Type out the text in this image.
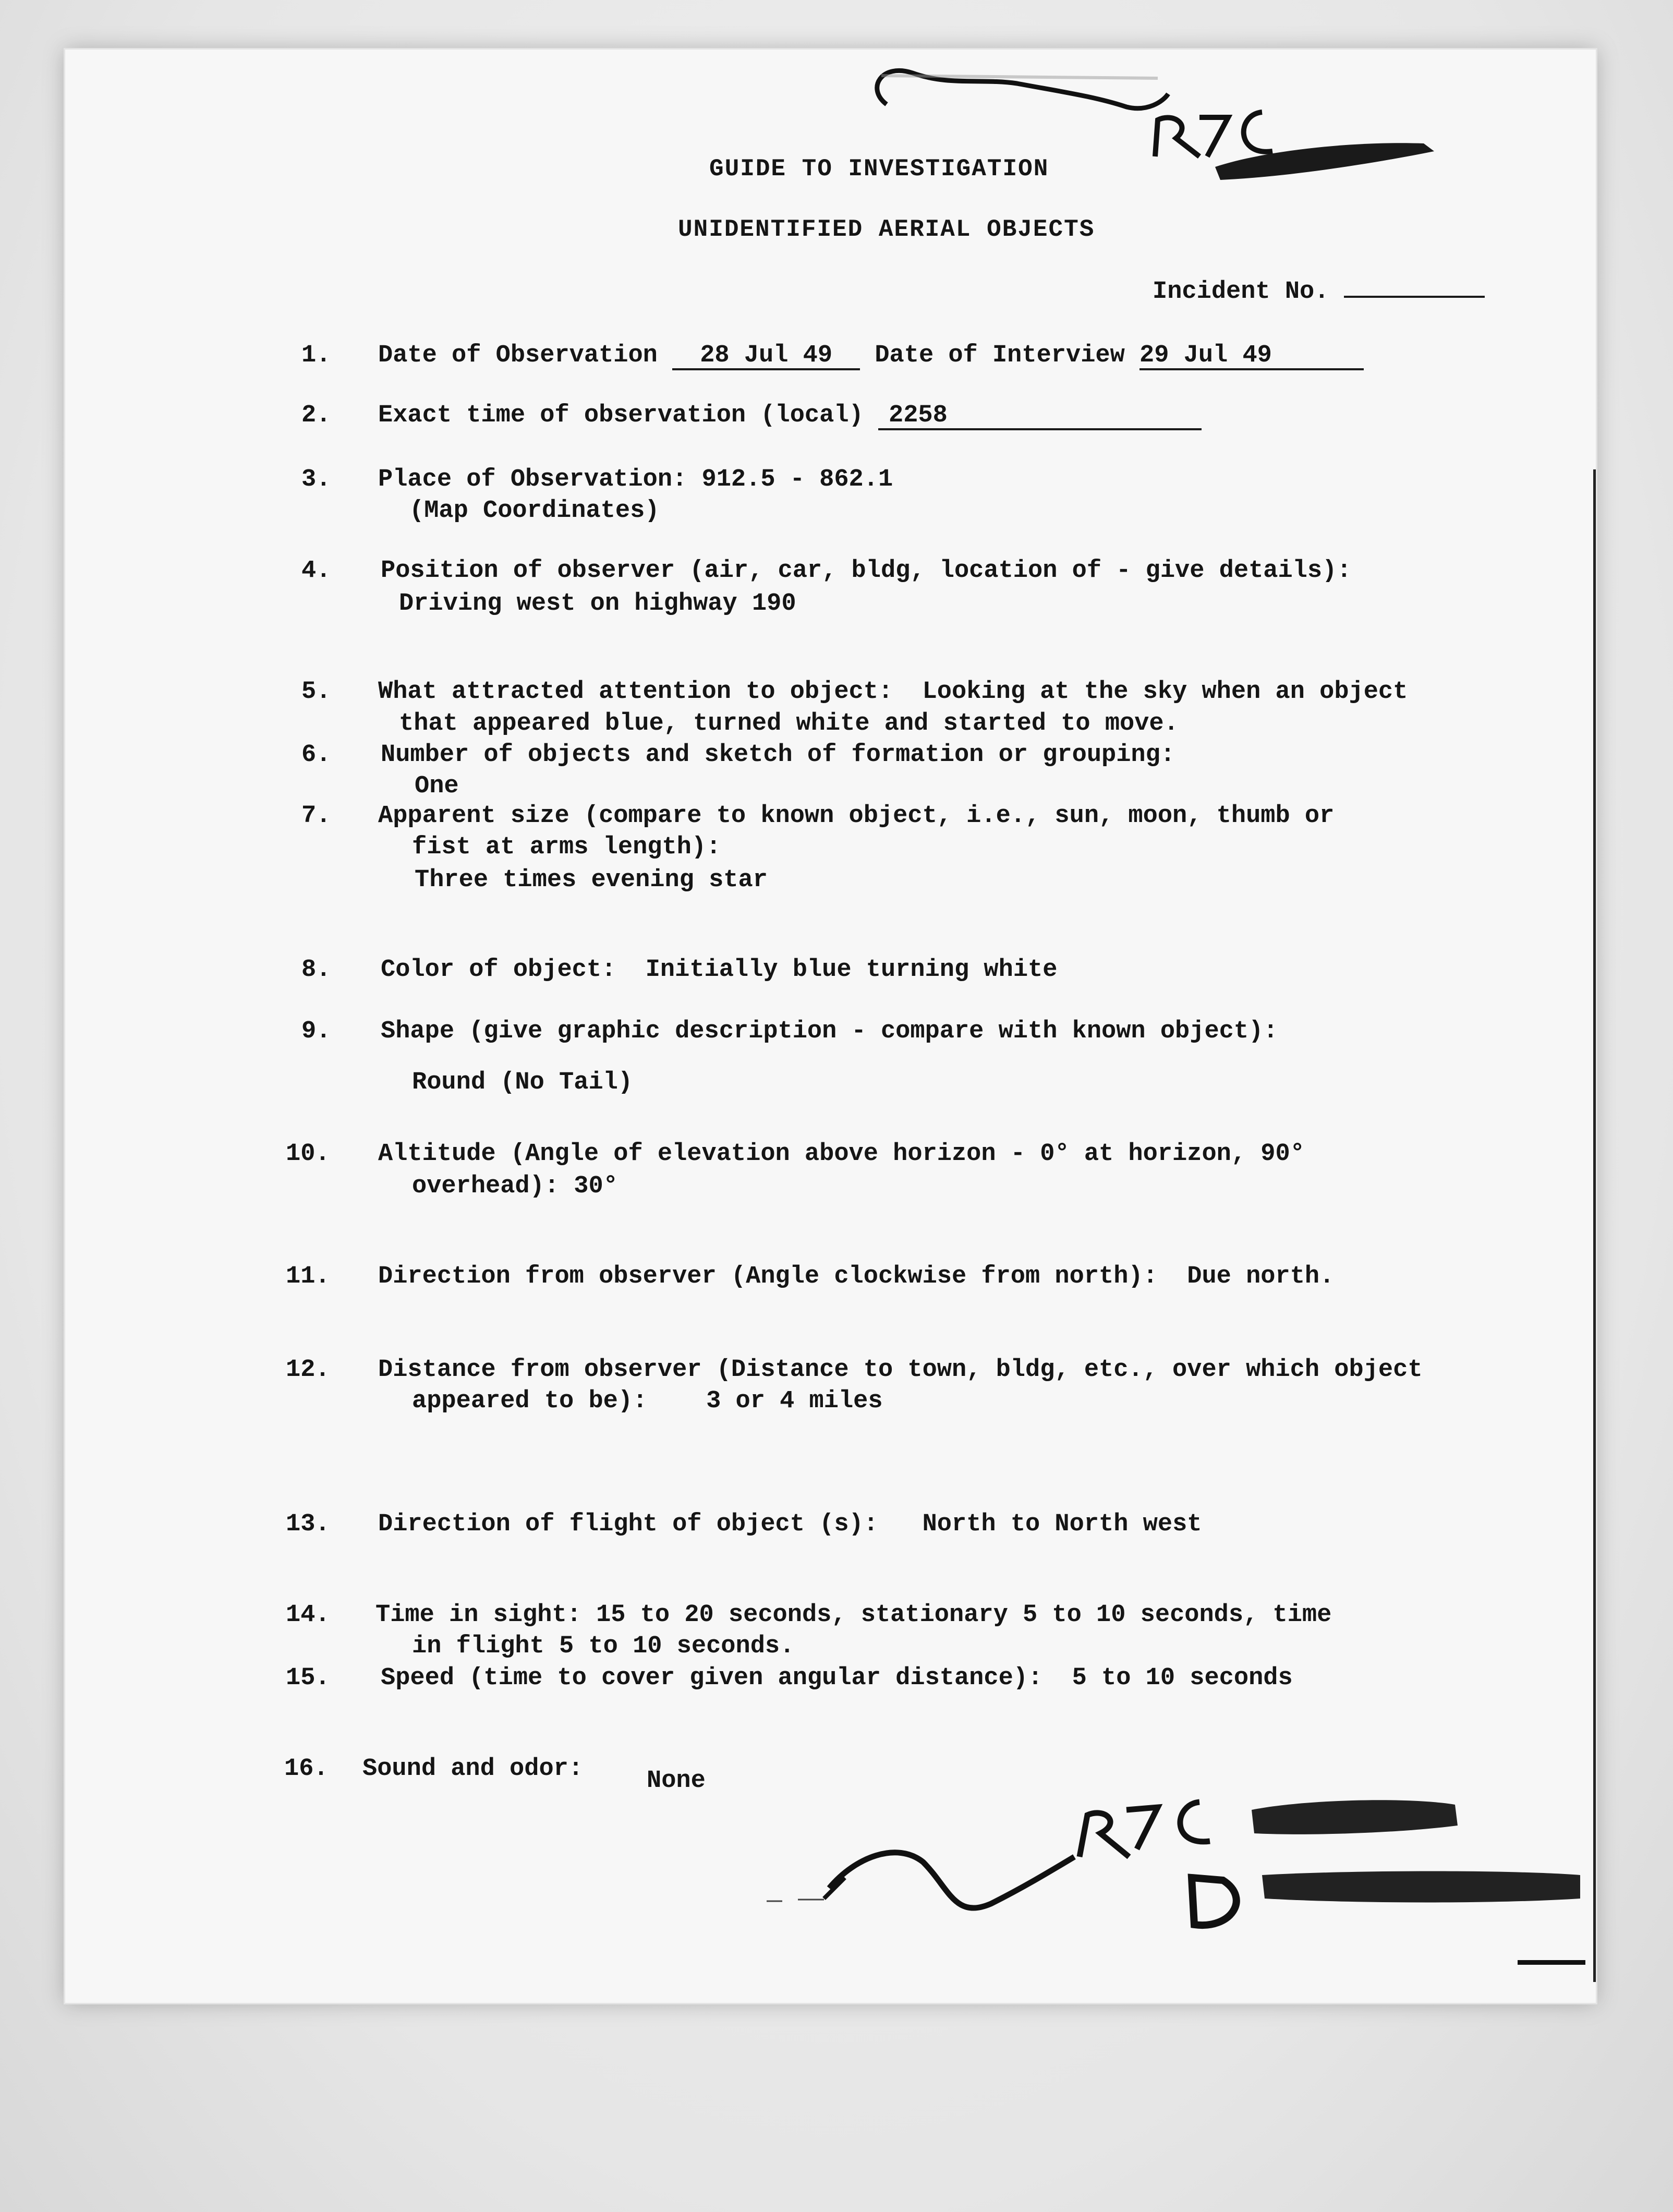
GUIDE TO INVESTIGATION
UNIDENTIFIED AERIAL OBJECTS
Incident No.
1. Date of Observation 28 Jul 49 Date of Interview 29 Jul 49
2. Exact time of observation (local) 2258
3. Place of Observation: 912.5 - 862.1
(Map Coordinates)
4. Position of observer (air, car, bldg, location of - give details):
Driving west on highway 190
5. What attracted attention to object: Looking at the sky when an object
that appeared blue, turned white and started to move.
6. Number of objects and sketch of formation or grouping:
One
7. Apparent size (compare to known object, i.e., sun, moon, thumb or
fist at arms length):
Three times evening star
8. Color of object: Initially blue turning white
9. Shape (give graphic description - compare with known object):
Round (No Tail)
10. Altitude (Angle of elevation above horizon - 0° at horizon, 90°
overhead): 30°
11. Direction from observer (Angle clockwise from north): Due north.
12. Distance from observer (Distance to town, bldg, etc., over which object
appeared to be): 3 or 4 miles
13. Direction of flight of object (s): North to North west
14. Time in sight: 15 to 20 seconds, stationary 5 to 10 seconds, time
in flight 5 to 10 seconds.
15. Speed (time to cover given angular distance): 5 to 10 seconds
16. Sound and odor:	None
